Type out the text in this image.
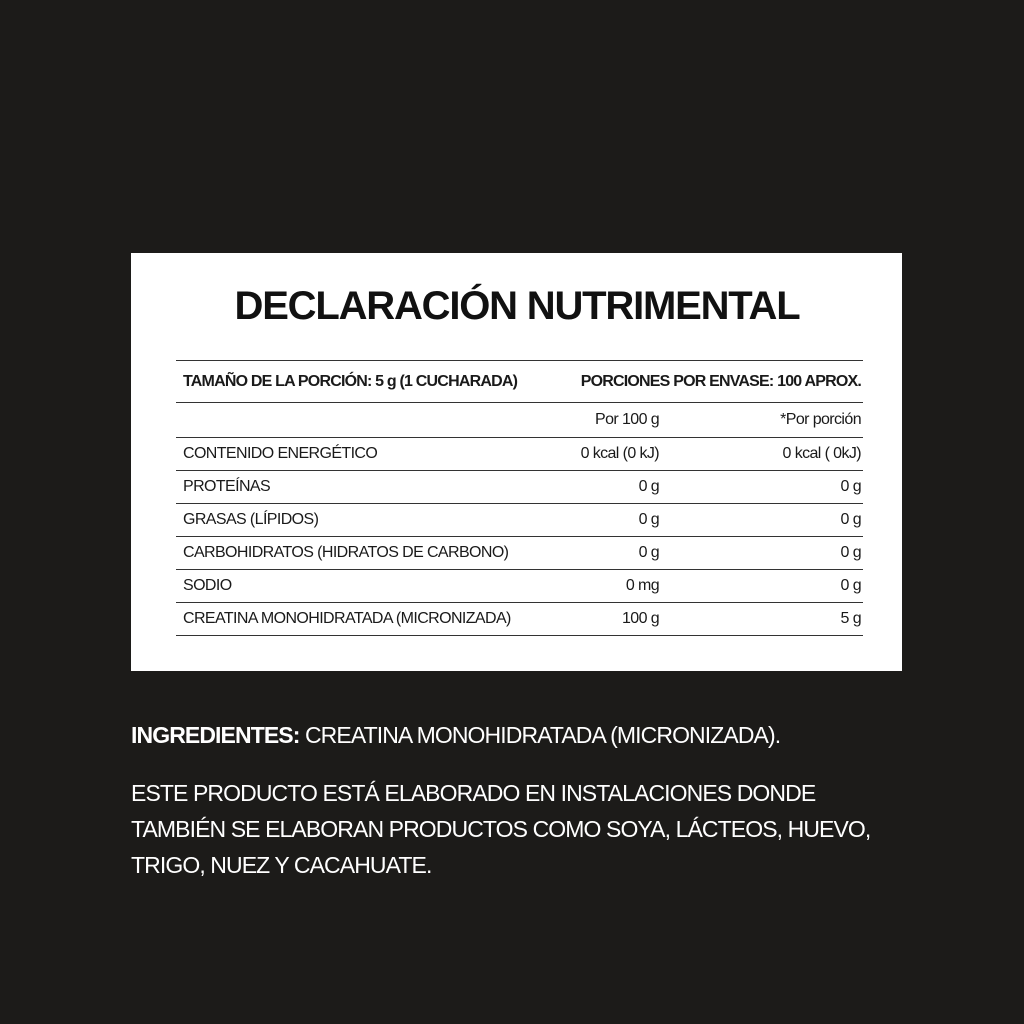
DECLARACIÓN NUTRIMENTAL
TAMAÑO DE LA PORCIÓN: 5 g (1 CUCHARADA)	PORCIONES POR ENVASE: 100 APROX.	
	Por 100 g	*Por porción
CONTENIDO ENERGÉTICO	0 kcal (0 kJ)	0 kcal ( 0kJ)
PROTEÍNAS	0 g	0 g
GRASAS (LÍPIDOS)	0 g	0 g
CARBOHIDRATOS (HIDRATOS DE CARBONO)	0 g	0 g
SODIO	0 mg	0 g
CREATINA MONOHIDRATADA (MICRONIZADA)	100 g	5 g

INGREDIENTES: CREATINA MONOHIDRATADA (MICRONIZADA).

ESTE PRODUCTO ESTÁ ELABORADO EN INSTALACIONES DONDE TAMBIÉN SE ELABORAN PRODUCTOS COMO SOYA, LÁCTEOS, HUEVO, TRIGO, NUEZ Y CACAHUATE.
